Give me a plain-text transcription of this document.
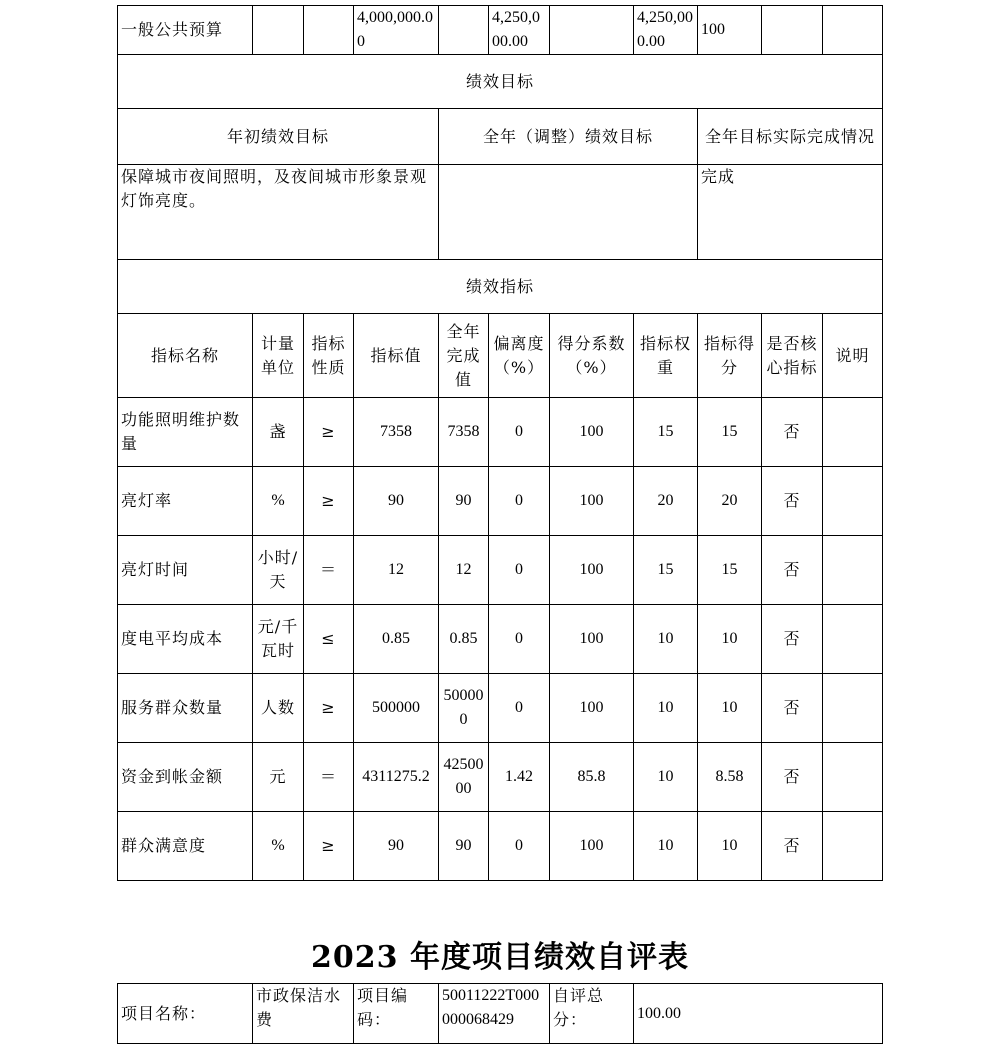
一般公共预算			4,000,000.00		4,250,000.00		4,250,000.00	100		
绩效目标										
年初绩效目标				全年（调整）绩效目标				全年目标实际完成情况		
保障城市夜间照明，及夜间城市形象景观灯饰亮度。								完成		
绩效指标										
指标名称	计量单位	指标性质	指标值	全年完成值	偏离度（%）	得分系数（%）	指标权重	指标得分	是否核心指标	说明
功能照明维护数量	盏	≥	7358	7358	0	100	15	15	否	
亮灯率	%	≥	90	90	0	100	20	20	否	
亮灯时间	小时/天	＝	12	12	0	100	15	15	否	
度电平均成本	元/千瓦时	≤	0.85	0.85	0	100	10	10	否	
服务群众数量	人数	≥	500000	500000	0	100	10	10	否	
资金到帐金额	元	＝	4311275.2	4250000	1.42	85.8	10	8.58	否	
群众满意度	%	≥	90	90	0	100	10	10	否	
2023 年度项目绩效自评表
项目名称：	市政保洁水费	项目编码：	50011222T000000068429	自评总分：	100.00
